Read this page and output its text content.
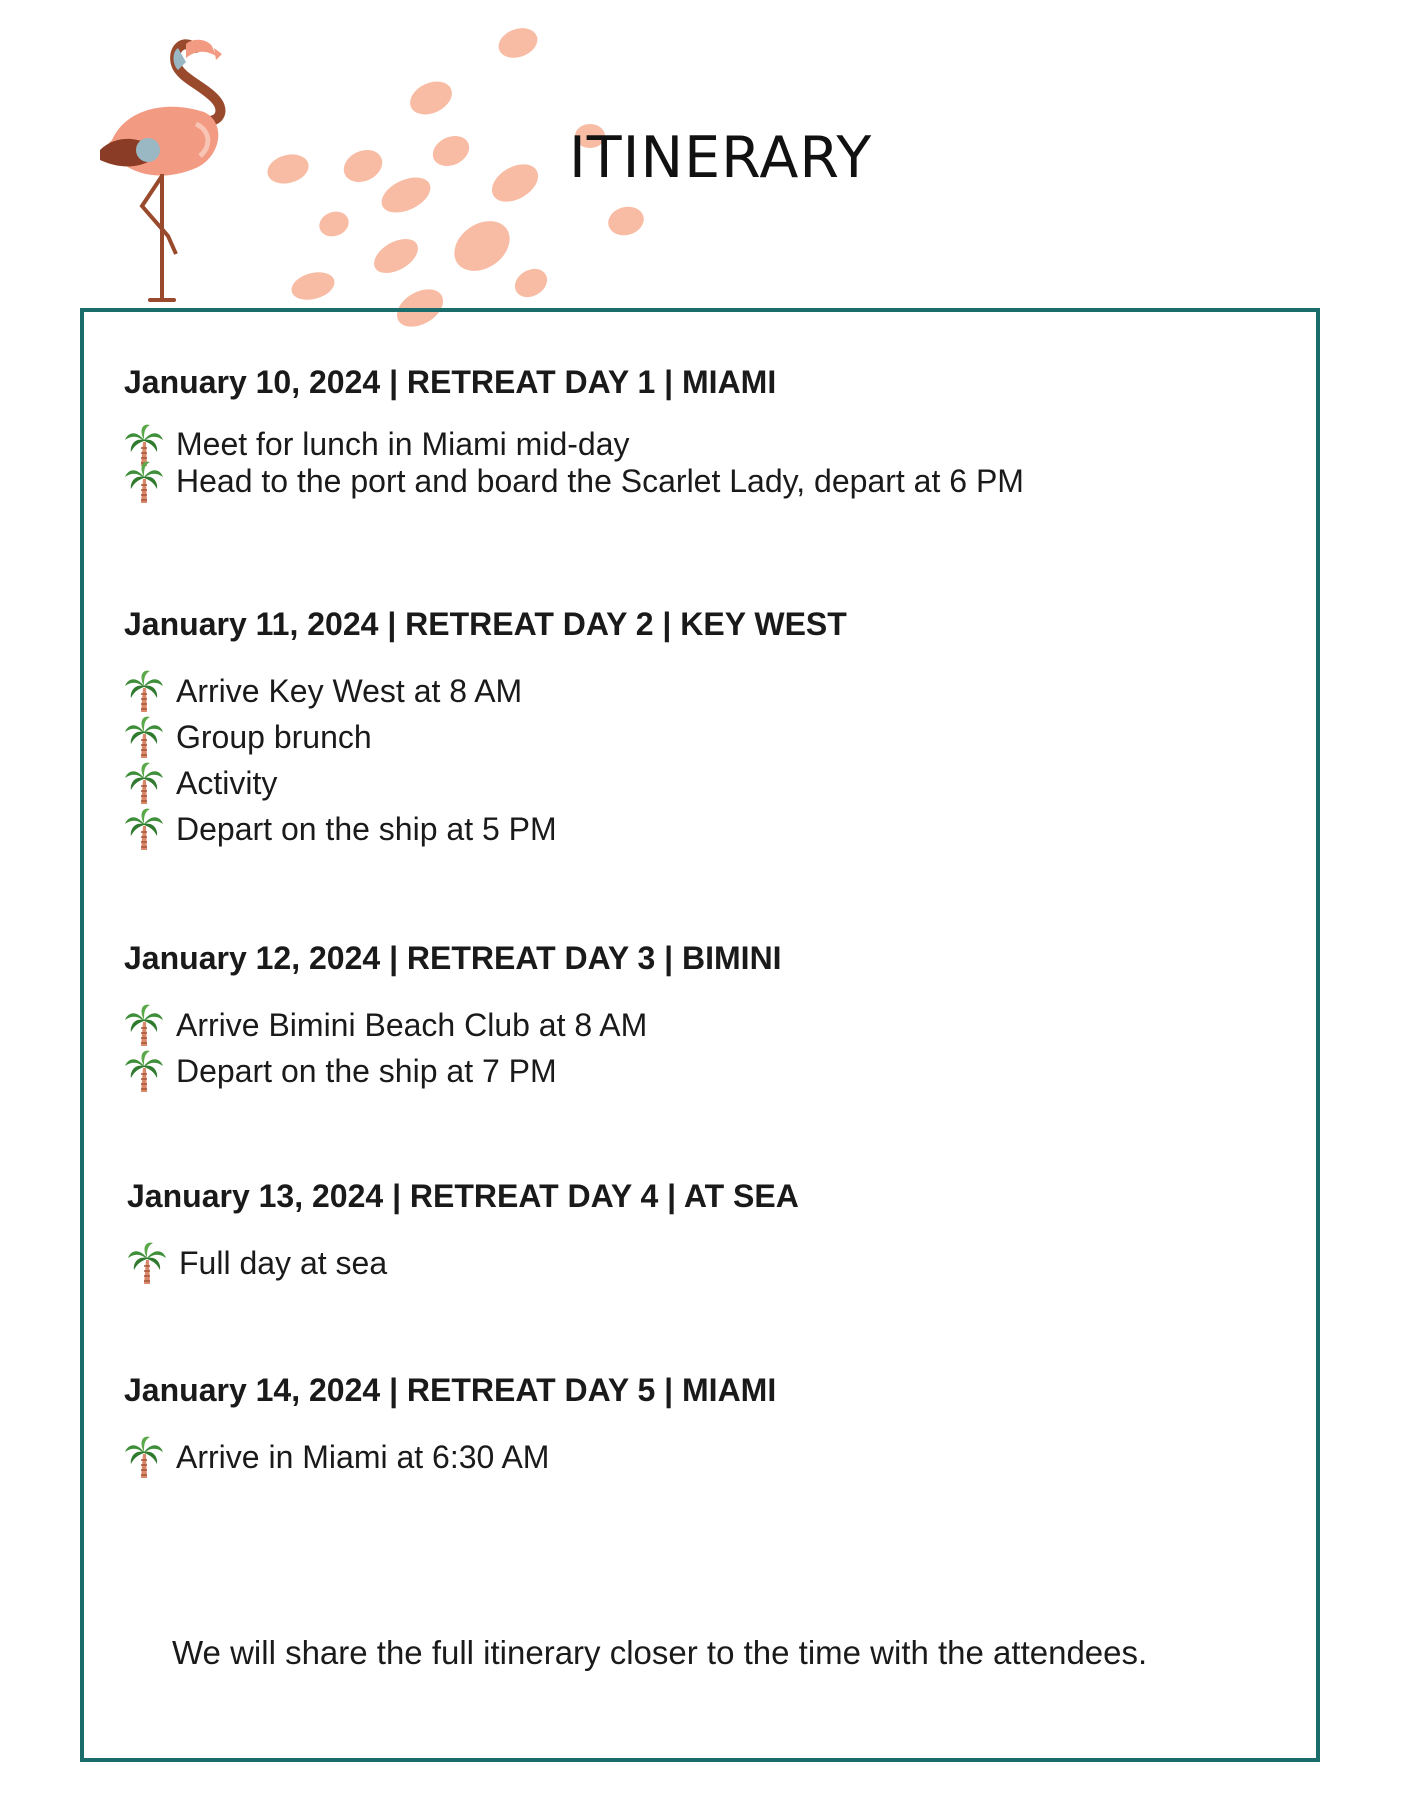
ITINERARY
January 10, 2024 | RETREAT DAY 1 | MIAMI
Meet for lunch in Miami mid-day
Head to the port and board the Scarlet Lady, depart at 6 PM
January 11, 2024 | RETREAT DAY 2 | KEY WEST
Arrive Key West at 8 AM
Group brunch
Activity
Depart on the ship at 5 PM
January 12, 2024 | RETREAT DAY 3 | BIMINI
Arrive Bimini Beach Club at 8 AM
Depart on the ship at 7 PM
January 13, 2024 | RETREAT DAY 4 | AT SEA
Full day at sea
January 14, 2024 | RETREAT DAY 5 | MIAMI
Arrive in Miami at 6:30 AM

We will share the full itinerary closer to the time with the attendees.
